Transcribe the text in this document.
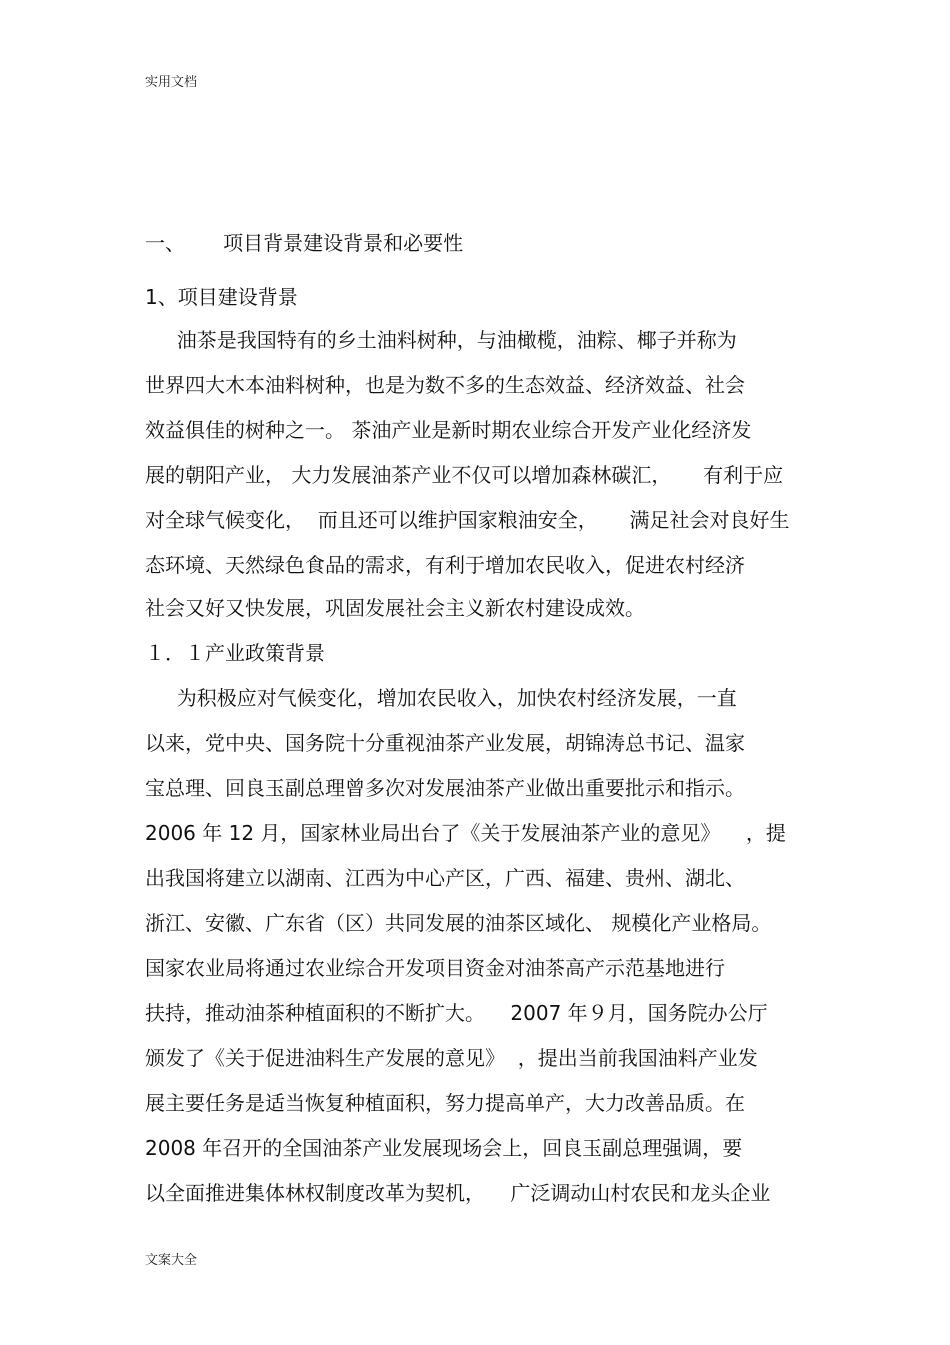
实用文档
一、      项目背景建设背景和必要性
1、项目建设背景
油茶是我国特有的乡土油料树种，与油橄榄，油粽、椰子并称为
世界四大木本油料树种，也是为数不多的生态效益、经济效益、社会
效益俱佳的树种之一。 茶油产业是新时期农业综合开发产业化经济发
展的朝阳产业， 大力发展油茶产业不仅可以增加森林碳汇，     有利于应
对全球气候变化，  而且还可以维护国家粮油安全，     满足社会对良好生
态环境、天然绿色食品的需求，有利于增加农民收入，促进农村经济
社会又好又快发展，巩固发展社会主义新农村建设成效。
１．１产业政策背景
为积极应对气候变化，增加农民收入，加快农村经济发展，一直
以来，党中央、国务院十分重视油茶产业发展，胡锦涛总书记、温家
宝总理、回良玉副总理曾多次对发展油茶产业做出重要批示和指示。
2006 年 12 月，国家林业局出台了《关于发展油茶产业的意见》    ，提
出我国将建立以湖南、江西为中心产区，广西、福建、贵州、湖北、
浙江、安徽、广东省（区）共同发展的油茶区域化、 规模化产业格局。
国家农业局将通过农业综合开发项目资金对油茶高产示范基地进行
扶持，推动油茶种植面积的不断扩大。    2007 年９月，国务院办公厅
颁发了《关于促进油料生产发展的意见》  ，提出当前我国油料产业发
展主要任务是适当恢复种植面积，努力提高单产，大力改善品质。在
2008 年召开的全国油茶产业发展现场会上，回良玉副总理强调，要
以全面推进集体林权制度改革为契机，    广泛调动山村农民和龙头企业
文案大全
